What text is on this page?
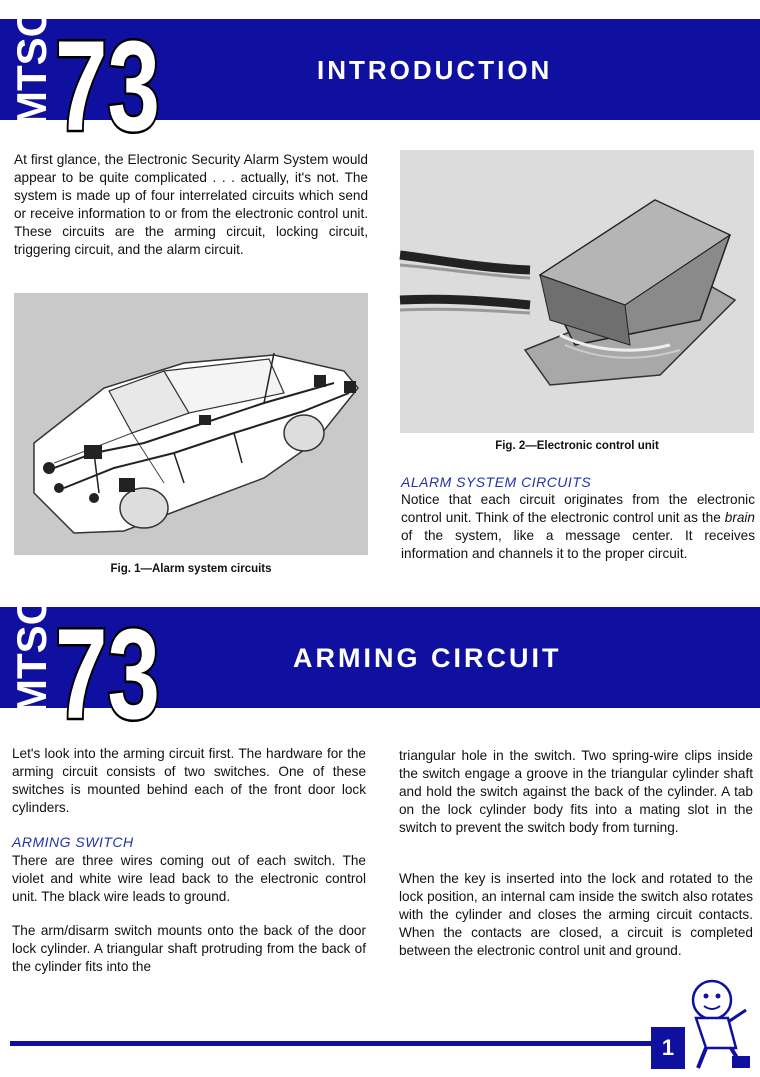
MTSC 73	INTRODUCTION

At first glance, the Electronic Security Alarm System would appear to be quite complicated . . . actually, it's not. The system is made up of four interrelated circuits which send or receive information to or from the electronic control unit. These circuits are the arming circuit, locking circuit, triggering circuit, and the alarm circuit.

Fig. 1—Alarm system circuits

Fig. 2—Electronic control unit

ALARM SYSTEM CIRCUITS

Notice that each circuit originates from the electronic control unit. Think of the electronic control unit as the brain of the system, like a message center. It receives information and channels it to the proper circuit.

MTSC 73	ARMING CIRCUIT

Let's look into the arming circuit first. The hardware for the arming circuit consists of two switches. One of these switches is mounted behind each of the front door lock cylinders.

ARMING SWITCH

There are three wires coming out of each switch. The violet and white wire lead back to the electronic control unit. The black wire leads to ground.

The arm/disarm switch mounts onto the back of the door lock cylinder. A triangular shaft protruding from the back of the cylinder fits into the

triangular hole in the switch. Two spring-wire clips inside the switch engage a groove in the triangular cylinder shaft and hold the switch against the back of the cylinder. A tab on the lock cylinder body fits into a mating slot in the switch to prevent the switch body from turning.

When the key is inserted into the lock and rotated to the lock position, an internal cam inside the switch also rotates with the cylinder and closes the arming circuit contacts. When the contacts are closed, a circuit is completed between the electronic control unit and ground.

1
